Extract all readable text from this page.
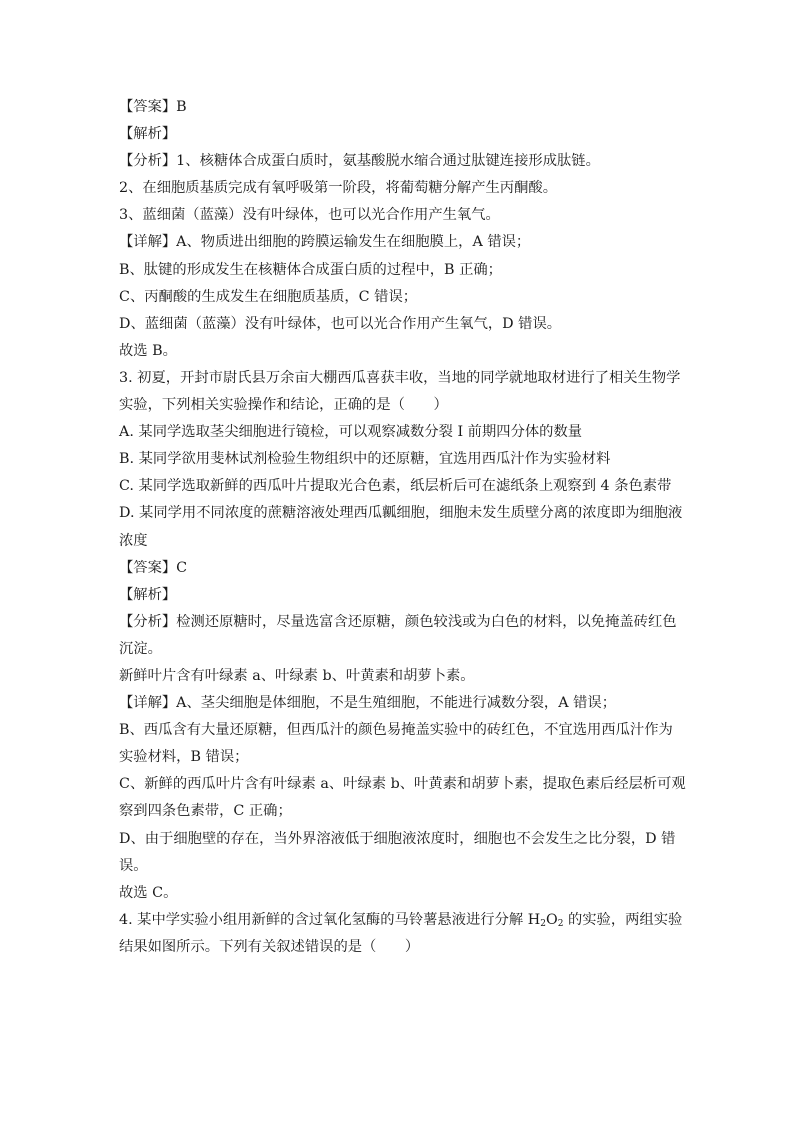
【答案】B
【解析】
【分析】1、核糖体合成蛋白质时，氨基酸脱水缩合通过肽键连接形成肽链。
2、在细胞质基质完成有氧呼吸第一阶段，将葡萄糖分解产生丙酮酸。
3、蓝细菌（蓝藻）没有叶绿体，也可以光合作用产生氧气。
【详解】A、物质进出细胞的跨膜运输发生在细胞膜上，A 错误；
B、肽键的形成发生在核糖体合成蛋白质的过程中，B 正确；
C、丙酮酸的生成发生在细胞质基质，C 错误；
D、蓝细菌（蓝藻）没有叶绿体，也可以光合作用产生氧气，D 错误。
故选 B。
3. 初夏，开封市尉氏县万余亩大棚西瓜喜获丰收，当地的同学就地取材进行了相关生物学
实验，下列相关实验操作和结论，正确的是（　　）
A. 某同学选取茎尖细胞进行镜检，可以观察减数分裂 I 前期四分体的数量
B. 某同学欲用斐林试剂检验生物组织中的还原糖，宜选用西瓜汁作为实验材料
C. 某同学选取新鲜的西瓜叶片提取光合色素，纸层析后可在滤纸条上观察到 4 条色素带
D. 某同学用不同浓度的蔗糖溶液处理西瓜瓤细胞，细胞未发生质壁分离的浓度即为细胞液
浓度
【答案】C
【解析】
【分析】检测还原糖时，尽量选富含还原糖，颜色较浅或为白色的材料，以免掩盖砖红色
沉淀。
新鲜叶片含有叶绿素 a、叶绿素 b、叶黄素和胡萝卜素。
【详解】A、茎尖细胞是体细胞，不是生殖细胞，不能进行减数分裂，A 错误；
B、西瓜含有大量还原糖，但西瓜汁的颜色易掩盖实验中的砖红色，不宜选用西瓜汁作为
实验材料，B 错误；
C、新鲜的西瓜叶片含有叶绿素 a、叶绿素 b、叶黄素和胡萝卜素，提取色素后经层析可观
察到四条色素带，C 正确；
D、由于细胞壁的存在，当外界溶液低于细胞液浓度时，细胞也不会发生之比分裂，D 错
误。
故选 C。
4. 某中学实验小组用新鲜的含过氧化氢酶的马铃薯悬液进行分解 $H_2O_2$ 的实验，两组实验
结果如图所示。下列有关叙述错误的是（　　）
